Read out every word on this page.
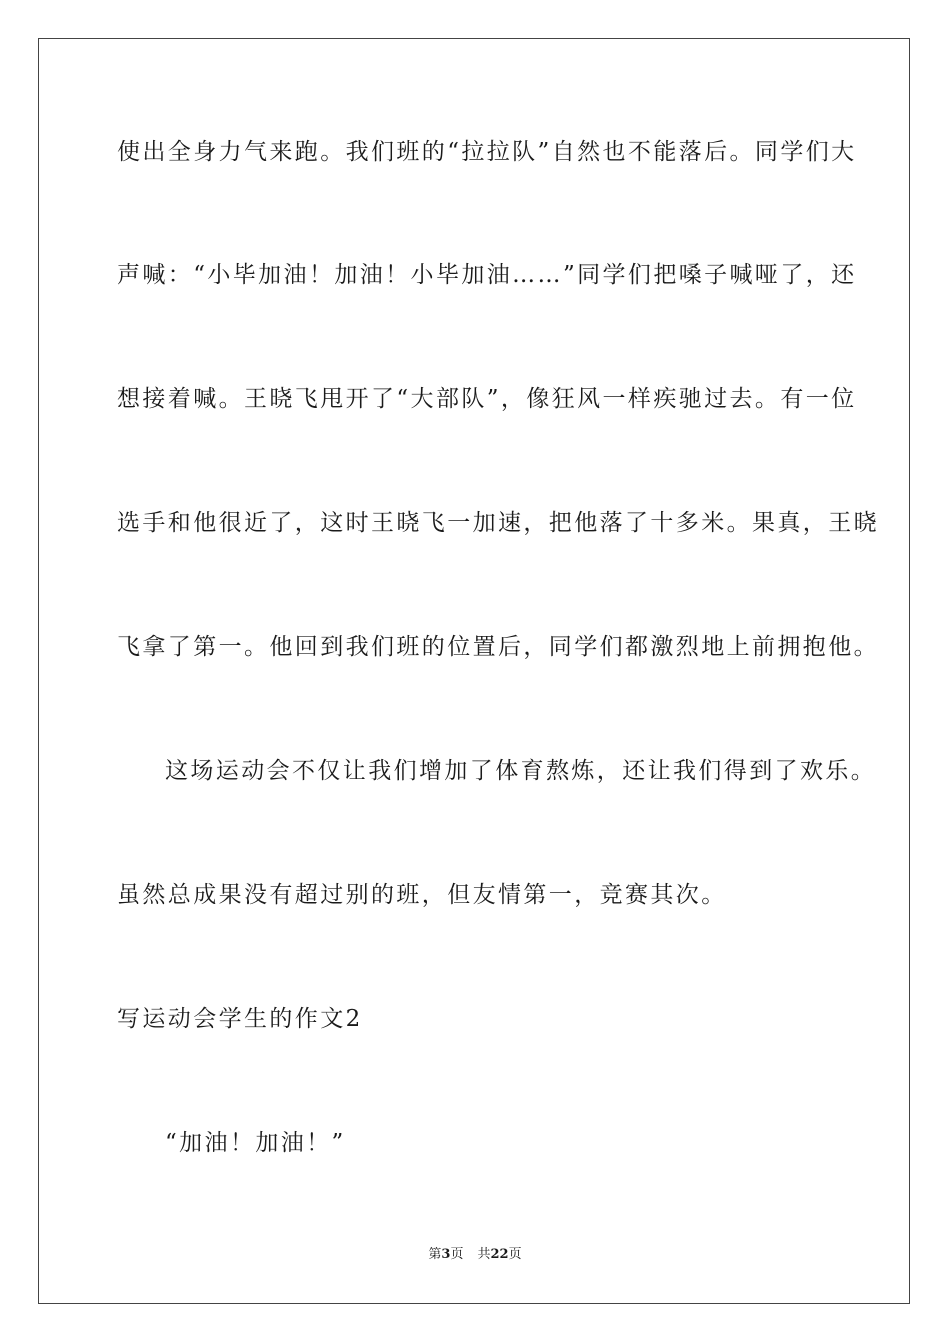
使出全身力气来跑。我们班的“拉拉队”自然也不能落后。同学们大
声喊：“小毕加油！加油！小毕加油……”同学们把嗓子喊哑了，还
想接着喊。王晓飞甩开了“大部队”，像狂风一样疾驰过去。有一位
选手和他很近了，这时王晓飞一加速，把他落了十多米。果真，王晓
飞拿了第一。他回到我们班的位置后，同学们都激烈地上前拥抱他。
这场运动会不仅让我们增加了体育熬炼，还让我们得到了欢乐。
虽然总成果没有超过别的班，但友情第一，竞赛其次。
写运动会学生的作文2
“加油！加油！”
第3页 共22页
